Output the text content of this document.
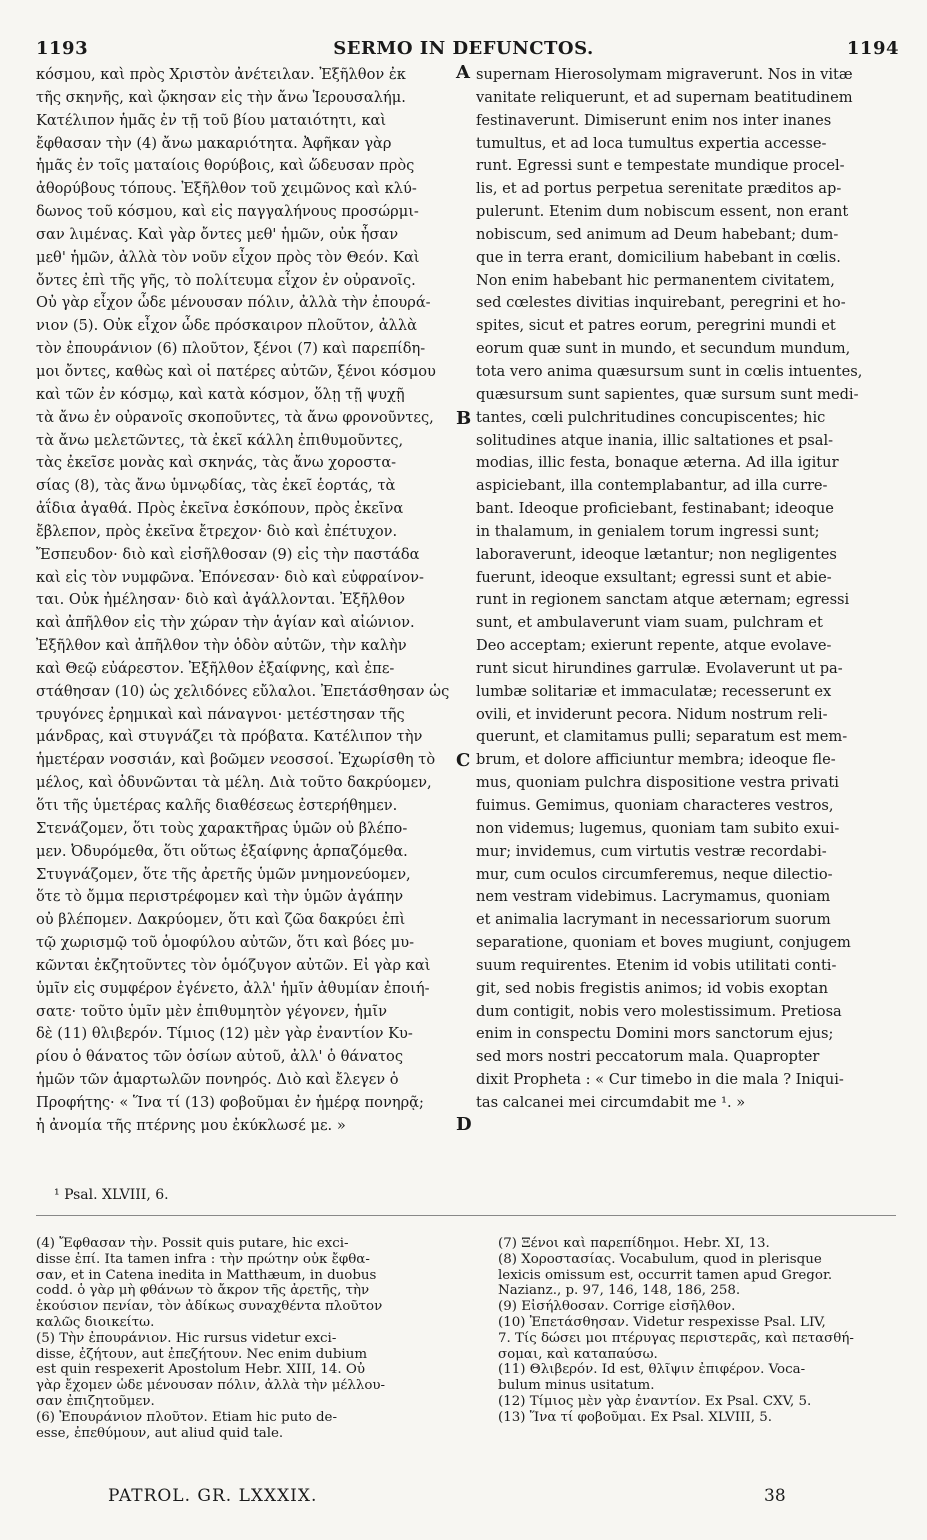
1193	SERMO IN DEFUNCTOS.	1194
κόσμου, καὶ πρὸς Χριστὸν ἀνέτειλαν. Ἐξῆλθον ἐκ
τῆς σκηνῆς, καὶ ᾤκησαν εἰς τὴν ἄνω Ἱερουσαλήμ.
Κατέλιπον ἡμᾶς ἐν τῇ τοῦ βίου ματαιότητι, καὶ
ἔφθασαν τὴν (4) ἄνω μακαριότητα. Ἀφῆκαν γὰρ
ἡμᾶς ἐν τοῖς ματαίοις θορύβοις, καὶ ὥδευσαν πρὸς
ἀθορύβους τόπους. Ἐξῆλθον τοῦ χειμῶνος καὶ κλύ-
δωνος τοῦ κόσμου, καὶ εἰς παγγαλήνους προσώρμι-
σαν λιμένας. Καὶ γὰρ ὄντες μεθ' ἡμῶν, οὐκ ἦσαν
μεθ' ἡμῶν, ἀλλὰ τὸν νοῦν εἶχον πρὸς τὸν Θεόν. Καὶ
ὄντες ἐπὶ τῆς γῆς, τὸ πολίτευμα εἶχον ἐν οὐρανοῖς.
Οὐ γὰρ εἶχον ὧδε μένουσαν πόλιν, ἀλλὰ τὴν ἐπουρά-
νιον (5). Οὐκ εἶχον ὧδε πρόσκαιρον πλοῦτον, ἀλλὰ
τὸν ἐπουράνιον (6) πλοῦτον, ξένοι (7) καὶ παρεπίδη-
μοι ὄντες, καθὼς καὶ οἱ πατέρες αὐτῶν, ξένοι κόσμου
καὶ τῶν ἐν κόσμῳ, καὶ κατὰ κόσμον, ὅλῃ τῇ ψυχῇ
τὰ ἄνω ἐν οὐρανοῖς σκοποῦντες, τὰ ἄνω φρονοῦντες,
τὰ ἄνω μελετῶντες, τὰ ἐκεῖ κάλλη ἐπιθυμοῦντες,
τὰς ἐκεῖσε μονὰς καὶ σκηνάς, τὰς ἄνω χοροστα-
σίας (8), τὰς ἄνω ὑμνῳδίας, τὰς ἐκεῖ ἑορτάς, τὰ
ἀΐδια ἀγαθά. Πρὸς ἐκεῖνα ἐσκόπουν, πρὸς ἐκεῖνα
ἔβλεπον, πρὸς ἐκεῖνα ἔτρεχον· διὸ καὶ ἐπέτυχον.
Ἔσπευδον· διὸ καὶ εἰσῆλθοσαν (9) εἰς τὴν παστάδα
καὶ εἰς τὸν νυμφῶνα. Ἐπόνεσαν· διὸ καὶ εὐφραίνον-
ται. Οὐκ ἠμέλησαν· διὸ καὶ ἀγάλλονται. Ἐξῆλθον
καὶ ἀπῆλθον εἰς τὴν χώραν τὴν ἁγίαν καὶ αἰώνιον.
Ἐξῆλθον καὶ ἀπῆλθον τὴν ὁδὸν αὐτῶν, τὴν καλὴν
καὶ Θεῷ εὐάρεστον. Ἐξῆλθον ἐξαίφνης, καὶ ἐπε-
στάθησαν (10) ὡς χελιδόνες εὔλαλοι. Ἐπετάσθησαν ὡς
τρυγόνες ἐρημικαὶ καὶ πάναγνοι· μετέστησαν τῆς
μάνδρας, καὶ στυγνάζει τὰ πρόβατα. Κατέλιπον τὴν
ἡμετέραν νοσσιάν, καὶ βοῶμεν νεοσσοί. Ἐχωρίσθη τὸ
μέλος, καὶ ὀδυνῶνται τὰ μέλη. Διὰ τοῦτο δακρύομεν,
ὅτι τῆς ὑμετέρας καλῆς διαθέσεως ἐστερήθημεν.
Στενάζομεν, ὅτι τοὺς χαρακτῆρας ὑμῶν οὐ βλέπο-
μεν. Ὀδυρόμεθα, ὅτι οὕτως ἐξαίφνης ἁρπαζόμεθα.
Στυγνάζομεν, ὅτε τῆς ἀρετῆς ὑμῶν μνημονεύομεν,
ὅτε τὸ ὄμμα περιστρέφομεν καὶ τὴν ὑμῶν ἀγάπην
οὐ βλέπομεν. Δακρύομεν, ὅτι καὶ ζῶα δακρύει ἐπὶ
τῷ χωρισμῷ τοῦ ὁμοφύλου αὐτῶν, ὅτι καὶ βόες μυ-
κῶνται ἐκζητοῦντες τὸν ὁμόζυγον αὐτῶν. Εἰ γὰρ καὶ
ὑμῖν εἰς συμφέρον ἐγένετο, ἀλλ' ἡμῖν ἀθυμίαν ἐποιή-
σατε· τοῦτο ὑμῖν μὲν ἐπιθυμητὸν γέγονεν, ἡμῖν
δὲ (11) θλιβερόν. Τίμιος (12) μὲν γὰρ ἐναντίον Κυ-
ρίου ὁ θάνατος τῶν ὁσίων αὐτοῦ, ἀλλ' ὁ θάνατος
ἡμῶν τῶν ἁμαρτωλῶν πονηρός. Διὸ καὶ ἔλεγεν ὁ
Προφήτης· « Ἵνα τί (13) φοβοῦμαι ἐν ἡμέρᾳ πονηρᾷ;
ἡ ἀνομία τῆς πτέρνης μου ἐκύκλωσέ με. »
supernam Hierosolymam migraverunt. Nos in vitæ
vanitate reliquerunt, et ad supernam beatitudinem
festinaverunt. Dimiserunt enim nos inter inanes
tumultus, et ad loca tumultus expertia accesse-
runt. Egressi sunt e tempestate mundique procel-
lis, et ad portus perpetua serenitate præditos ap-
pulerunt. Etenim dum nobiscum essent, non erant
nobiscum, sed animum ad Deum habebant; dum-
que in terra erant, domicilium habebant in cœlis.
Non enim habebant hic permanentem civitatem,
sed cœlestes divitias inquirebant, peregrini et ho-
spites, sicut et patres eorum, peregrini mundi et
eorum quæ sunt in mundo, et secundum mundum,
tota vero anima quæsursum sunt in cœlis intuentes,
quæsursum sunt sapientes, quæ sursum sunt medi-
tantes, cœli pulchritudines concupiscentes; hic
solitudines atque inania, illic saltationes et psal-
modias, illic festa, bonaque æterna. Ad illa igitur
aspiciebant, illa contemplabantur, ad illa curre-
bant. Ideoque proficiebant, festinabant; ideoque
in thalamum, in genialem torum ingressi sunt;
laboraverunt, ideoque lætantur; non negligentes
fuerunt, ideoque exsultant; egressi sunt et abie-
runt in regionem sanctam atque æternam; egressi
sunt, et ambulaverunt viam suam, pulchram et
Deo acceptam; exierunt repente, atque evolave-
runt sicut hirundines garrulæ. Evolaverunt ut pa-
lumbæ solitariæ et immaculatæ; recesserunt ex
ovili, et inviderunt pecora. Nidum nostrum reli-
querunt, et clamitamus pulli; separatum est mem-
brum, et dolore afficiuntur membra; ideoque fle-
mus, quoniam pulchra dispositione vestra privati
fuimus. Gemimus, quoniam characteres vestros,
non videmus; lugemus, quoniam tam subito exui-
mur; invidemus, cum virtutis vestræ recordabi-
mur, cum oculos circumferemus, neque dilectio-
nem vestram videbimus. Lacrymamus, quoniam
et animalia lacrymant in necessariorum suorum
separatione, quoniam et boves mugiunt, conjugem
suum requirentes. Etenim id vobis utilitati conti-
git, sed nobis fregistis animos; id vobis exoptan
dum contigit, nobis vero molestissimum. Pretiosa
enim in conspectu Domini mors sanctorum ejus;
sed mors nostri peccatorum mala. Quapropter
dixit Propheta : « Cur timebo in die mala ? Iniqui-
tas calcanei mei circumdabit me ¹. »
A
B
C
D
¹ Psal. XLVIII, 6.
(4) Ἔφθασαν τὴν. Possit quis putare, hic exci-
disse ἐπί. Ita tamen infra : τὴν πρώτην οὐκ ἔφθα-
σαν, et in Catena inedita in Matthæum, in duobus
codd. ὁ γὰρ μὴ φθάνων τὸ ἄκρον τῆς ἀρετῆς, τὴν
ἑκούσιον πενίαν, τὸν ἀδίκως συναχθέντα πλοῦτον
καλῶς διοικείτω.
(5) Τὴν ἐπουράνιον. Hic rursus videtur exci-
disse, ἐζήτουν, aut ἐπεζήτουν. Nec enim dubium
est quin respexerit Apostolum Hebr. XIII, 14. Οὐ
γὰρ ἔχομεν ὧδε μένουσαν πόλιν, ἀλλὰ τὴν μέλλου-
σαν ἐπιζητοῦμεν.
(6) Ἐπουράνιον πλοῦτον. Etiam hic puto de-
esse, ἐπεθύμουν, aut aliud quid tale.
(7) Ξένοι καὶ παρεπίδημοι. Hebr. XI, 13.
(8) Χοροστασίας. Vocabulum, quod in plerisque
lexicis omissum est, occurrit tamen apud Gregor.
Nazianz., p. 97, 146, 148, 186, 258.
(9) Εἰσήλθοσαν. Corrige εἰσῆλθον.
(10) Ἐπετάσθησαν. Videtur respexisse Psal. LIV,
7. Τίς δώσει μοι πτέρυγας περιστερᾶς, καὶ πετασθή-
σομαι, καὶ καταπαύσω.
(11) Θλιβερόν. Id est, θλῖψιν ἐπιφέρον. Voca-
bulum minus usitatum.
(12) Τίμιος μὲν γὰρ ἐναντίον. Ex Psal. CXV, 5.
(13) Ἵνα τί φοβοῦμαι. Ex Psal. XLVIII, 5.
PATROL. GR. LXXXIX.	38
